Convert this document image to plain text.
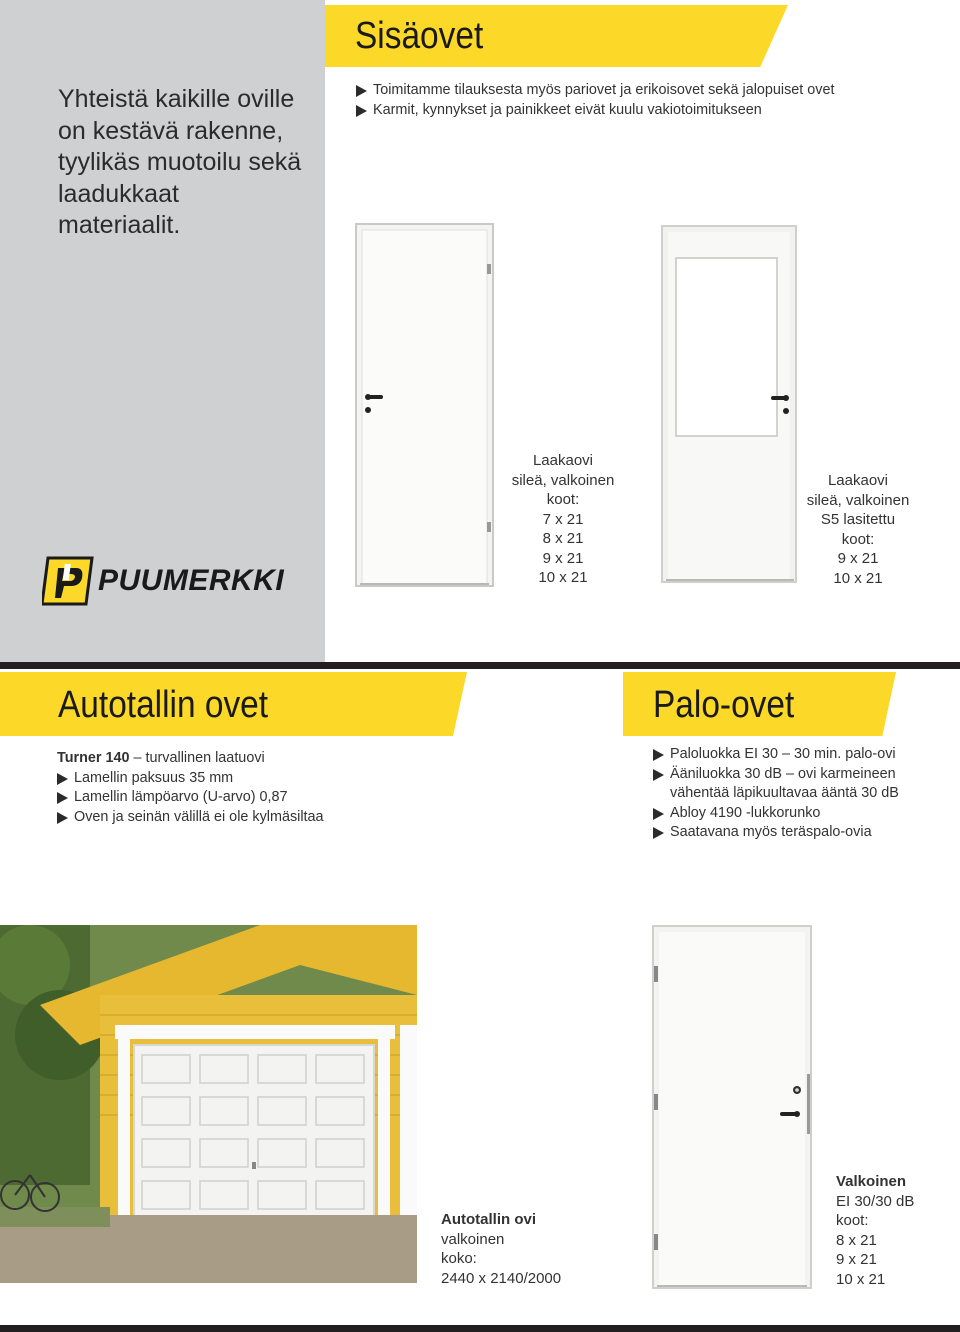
Yhteistä kaikille oville on kestävä rakenne, tyylikäs muotoilu sekä laadukkaat materiaalit.
PUUMERKKI
Sisäovet
Toimitamme tilauksesta myös pariovet ja erikoisovet sekä jalopuiset ovet
Karmit, kynnykset ja painikkeet eivät kuulu vakiotoimitukseen
Laakaovi
sileä, valkoinen
koot:
7 x 21
8 x 21
9 x 21
10 x 21
Laakaovi
sileä, valkoinen
S5 lasitettu
koot:
9 x 21
10 x 21
Autotallin ovet	Palo-ovet
Turner 140 – turvallinen laatuovi
Lamellin paksuus 35 mm
Lamellin lämpöarvo (U-arvo) 0,87
Oven ja seinän välillä ei ole kylmäsiltaa
Paloluokka EI 30 – 30 min. palo-ovi
Ääniluokka 30 dB – ovi karmeineen
vähentää läpikuultavaa ääntä 30 dB
Abloy 4190 -lukkorunko
Saatavana myös teräspalo-ovia
Autotallin ovi
valkoinen
koko:
2440 x 2140/2000
Valkoinen
EI 30/30 dB
koot:
8 x 21
9 x 21
10 x 21
